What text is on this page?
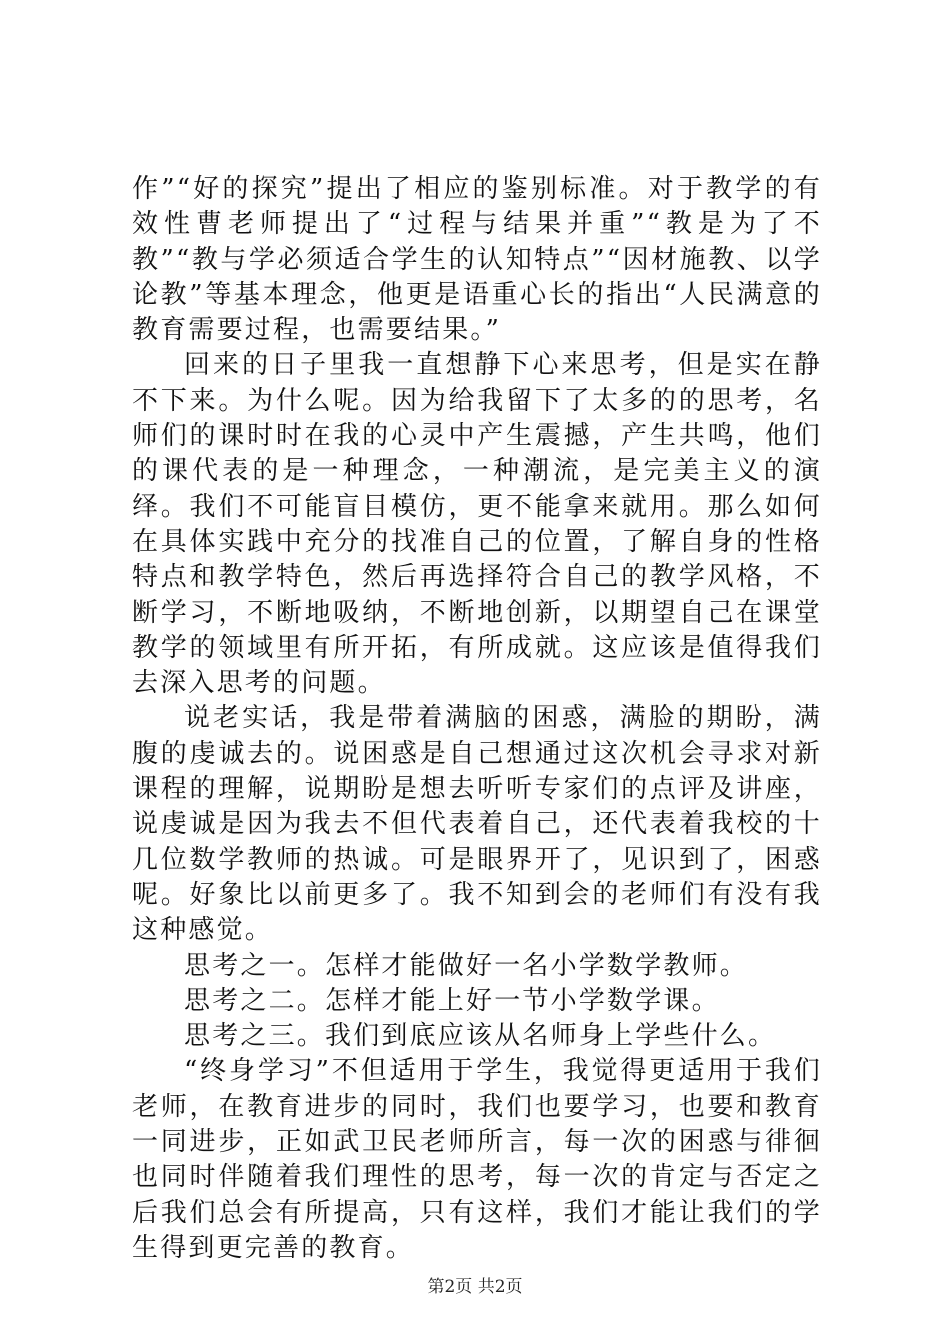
作”“好的探究”提出了相应的鉴别标准。对于教学的有效性曹老师提出了“过程与结果并重”“教是为了不教”“教与学必须适合学生的认知特点”“因材施教、以学论教”等基本理念，他更是语重心长的指出“人民满意的教育需要过程，也需要结果。”

回来的日子里我一直想静下心来思考，但是实在静不下来。为什么呢。因为给我留下了太多的的思考，名师们的课时时在我的心灵中产生震撼，产生共鸣，他们的课代表的是一种理念，一种潮流，是完美主义的演绎。我们不可能盲目模仿，更不能拿来就用。那么如何在具体实践中充分的找准自己的位置，了解自身的性格特点和教学特色，然后再选择符合自己的教学风格，不断学习，不断地吸纳，不断地创新，以期望自己在课堂教学的领域里有所开拓，有所成就。这应该是值得我们去深入思考的问题。

说老实话，我是带着满脑的困惑，满脸的期盼，满腹的虔诚去的。说困惑是自己想通过这次机会寻求对新课程的理解，说期盼是想去听听专家们的点评及讲座，说虔诚是因为我去不但代表着自己，还代表着我校的十几位数学教师的热诚。可是眼界开了，见识到了，困惑呢。好象比以前更多了。我不知到会的老师们有没有我这种感觉。

思考之一。怎样才能做好一名小学数学教师。

思考之二。怎样才能上好一节小学数学课。

思考之三。我们到底应该从名师身上学些什么。

“终身学习”不但适用于学生，我觉得更适用于我们老师，在教育进步的同时，我们也要学习，也要和教育一同进步，正如武卫民老师所言，每一次的困惑与徘徊也同时伴随着我们理性的思考，每一次的肯定与否定之后我们总会有所提高，只有这样，我们才能让我们的学生得到更完善的教育。

第2页 共2页
